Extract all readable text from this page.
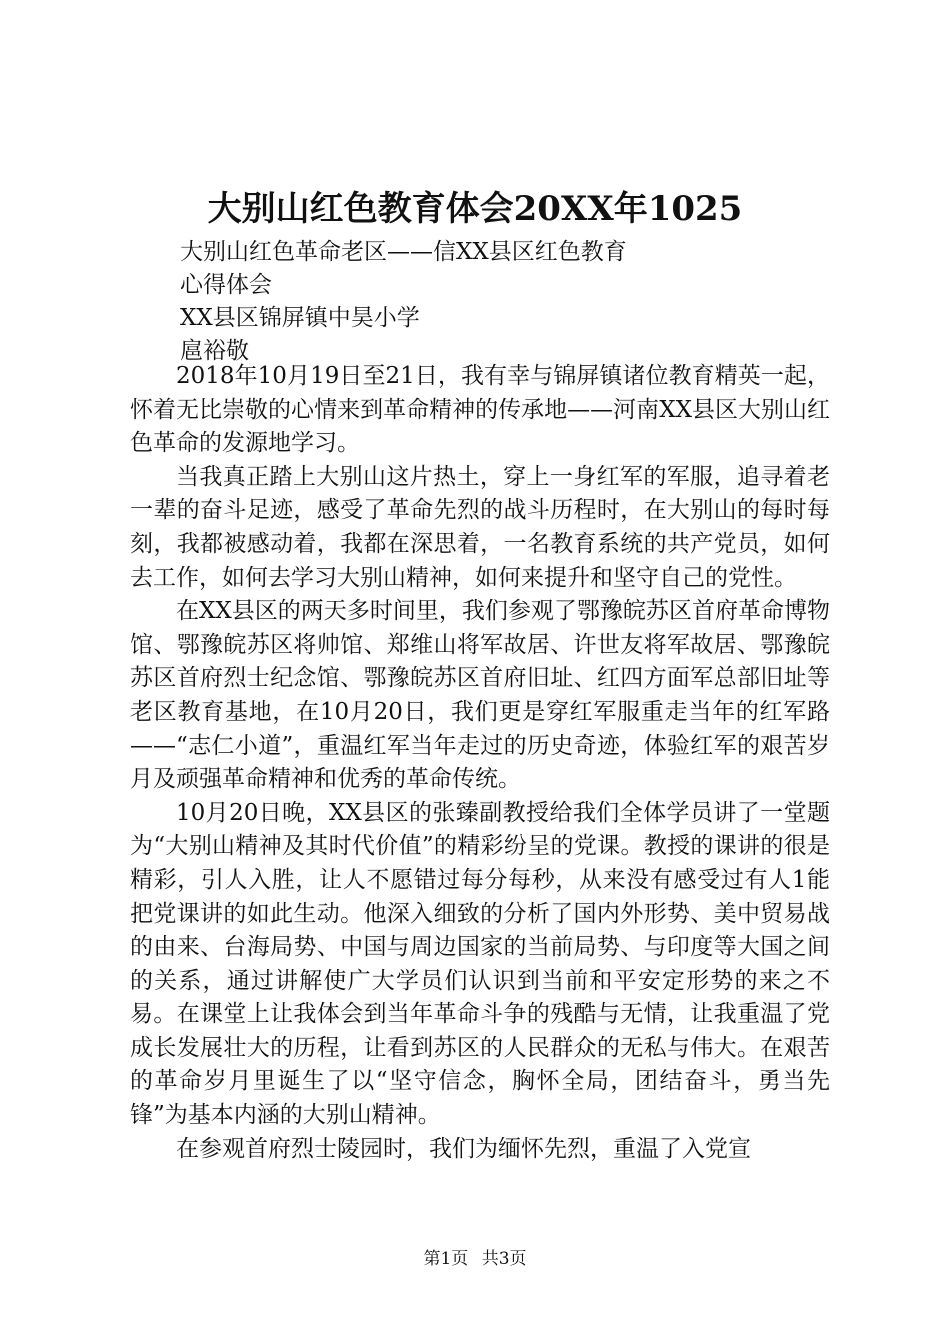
大别山红色教育体会20XX年1025
大别山红色革命老区——信XX县区红色教育
心得体会
XX县区锦屏镇中昊小学
扈裕敬

2018年10月19日至21日，我有幸与锦屏镇诸位教育精英一起，怀着无比崇敬的心情来到革命精神的传承地——河南XX县区大别山红色革命的发源地学习。

当我真正踏上大别山这片热土，穿上一身红军的军服，追寻着老一辈的奋斗足迹，感受了革命先烈的战斗历程时，在大别山的每时每刻，我都被感动着，我都在深思着，一名教育系统的共产党员，如何去工作，如何去学习大别山精神，如何来提升和坚守自己的党性。

在XX县区的两天多时间里，我们参观了鄂豫皖苏区首府革命博物馆、鄂豫皖苏区将帅馆、郑维山将军故居、许世友将军故居、鄂豫皖苏区首府烈士纪念馆、鄂豫皖苏区首府旧址、红四方面军总部旧址等老区教育基地，在10月20日，我们更是穿红军服重走当年的红军路——“志仁小道”，重温红军当年走过的历史奇迹，体验红军的艰苦岁月及顽强革命精神和优秀的革命传统。

10月20日晚，XX县区的张臻副教授给我们全体学员讲了一堂题为“大别山精神及其时代价值”的精彩纷呈的党课。教授的课讲的很是精彩，引人入胜，让人不愿错过每分每秒，从来没有感受过有人1能把党课讲的如此生动。他深入细致的分析了国内外形势、美中贸易战的由来、台海局势、中国与周边国家的当前局势、与印度等大国之间的关系，通过讲解使广大学员们认识到当前和平安定形势的来之不易。在课堂上让我体会到当年革命斗争的残酷与无情，让我重温了党成长发展壮大的历程，让看到苏区的人民群众的无私与伟大。在艰苦的革命岁月里诞生了以“坚守信念，胸怀全局，团结奋斗，勇当先锋”为基本内涵的大别山精神。

在参观首府烈士陵园时，我们为缅怀先烈，重温了入党宣

第1页 共3页
